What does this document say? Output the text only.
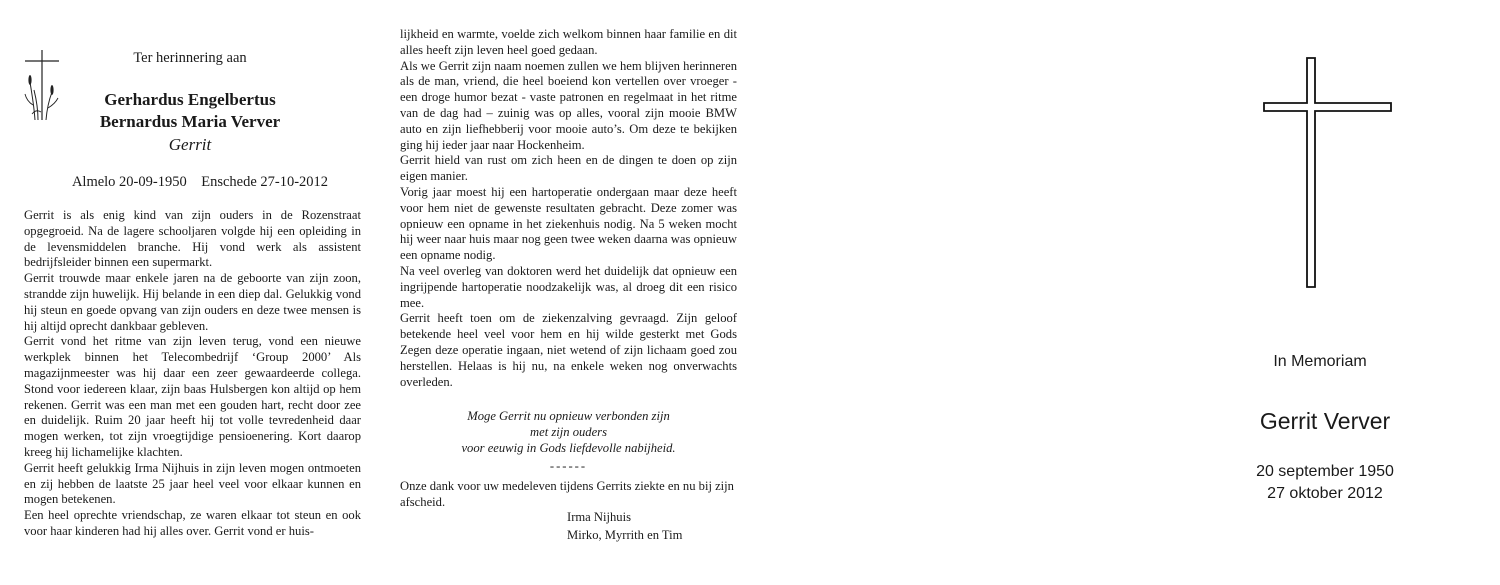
Ter herinnering aan
Gerhardus Engelbertus
Bernardus Maria Verver
Gerrit
Almelo 20-09-1950    Enschede 27-10-2012

Gerrit is als enig kind van zijn ouders in de Rozenstraat opgegroeid. Na de lagere schooljaren volgde hij een opleiding in de levensmiddelen branche. Hij vond werk als assistent bedrijfsleider binnen een supermarkt.

Gerrit trouwde maar enkele jaren na de geboorte van zijn zoon, strandde zijn huwelijk. Hij belande in een diep dal. Gelukkig vond hij steun en goede opvang van zijn ouders en deze twee mensen is hij altijd oprecht dankbaar gebleven.

Gerrit vond het ritme van zijn leven terug, vond een nieuwe werkplek binnen het Telecombedrijf ‘Group 2000’ Als magazijnmeester was hij daar een zeer gewaardeerde collega. Stond voor iedereen klaar, zijn baas Hulsbergen kon altijd op hem rekenen. Gerrit was een man met een gouden hart, recht door zee en duidelijk. Ruim 20 jaar heeft hij tot volle tevredenheid daar mogen werken, tot zijn vroegtijdige pensioenering. Kort daarop kreeg hij lichamelijke klachten.

Gerrit heeft gelukkig Irma Nijhuis in zijn leven mogen ontmoeten en zij hebben de laatste 25 jaar heel veel voor elkaar kunnen en mogen betekenen.

Een heel oprechte vriendschap, ze waren elkaar tot steun en ook voor haar kinderen had hij alles over. Gerrit vond er huis-

lijkheid en warmte, voelde zich welkom binnen haar familie en dit alles heeft zijn leven heel goed gedaan.

Als we Gerrit zijn naam noemen zullen we hem blijven herinneren als de man, vriend, die heel boeiend kon vertellen over vroeger - een droge humor bezat - vaste patronen en regelmaat in het ritme van de dag had – zuinig was op alles, vooral zijn mooie BMW auto en zijn liefhebberij voor mooie auto’s. Om deze te bekijken ging hij ieder jaar naar Hockenheim.

Gerrit hield van rust om zich heen en de dingen te doen op zijn eigen manier.

Vorig jaar moest hij een hartoperatie ondergaan maar deze heeft voor hem niet de gewenste resultaten gebracht. Deze zomer was opnieuw een opname in het ziekenhuis nodig. Na 5 weken mocht hij weer naar huis maar nog geen twee weken daarna was opnieuw een opname nodig.

Na veel overleg van doktoren werd het duidelijk dat opnieuw een ingrijpende hartoperatie noodzakelijk was, al droeg dit een risico mee.

Gerrit heeft toen om de ziekenzalving gevraagd. Zijn geloof betekende heel veel voor hem en hij wilde gesterkt met Gods Zegen deze operatie ingaan, niet wetend of zijn lichaam goed zou herstellen. Helaas is hij nu, na enkele weken nog onverwachts overleden.

Moge Gerrit nu opnieuw verbonden zijn
met zijn ouders
voor eeuwig in Gods liefdevolle nabijheid.
------
Onze dank voor uw medeleven tijdens Gerrits ziekte en nu bij zijn afscheid.
Irma Nijhuis
Mirko, Myrrith en Tim
In Memoriam
Gerrit Verver
20 september 1950
27 oktober 2012
